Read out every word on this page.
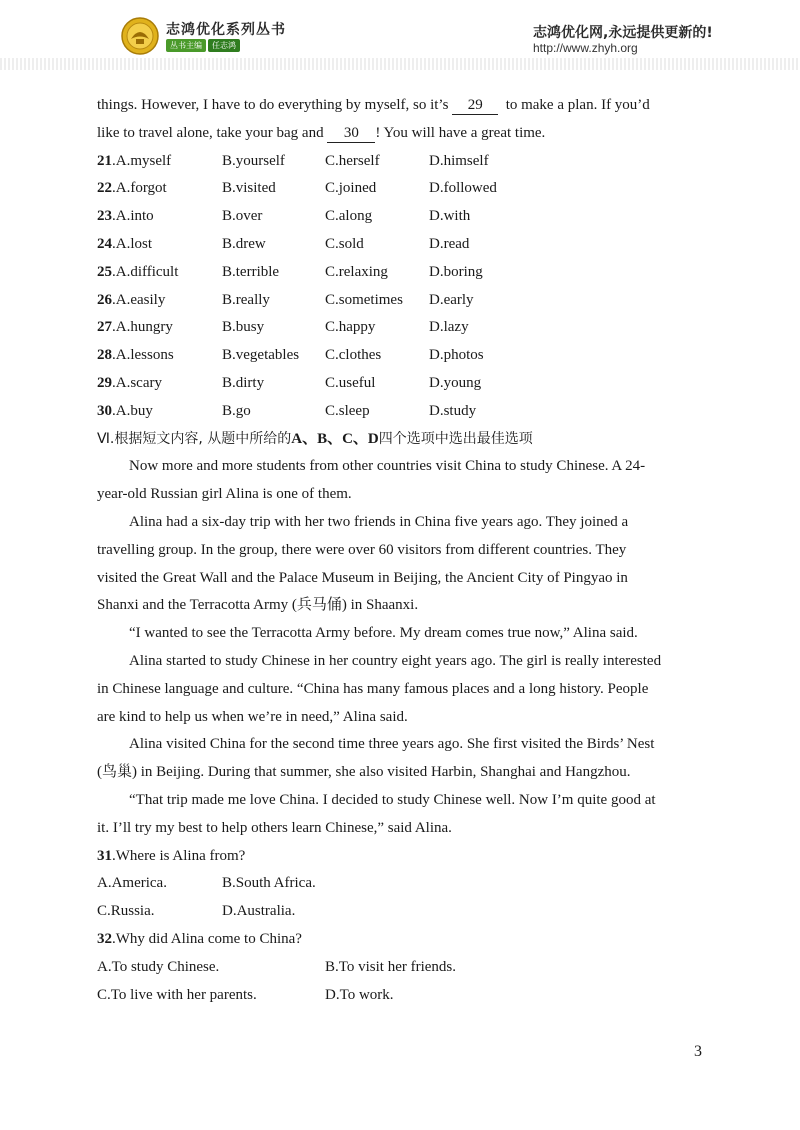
志鸿优化系列丛书
丛书主编	任志鸿
志鸿优化网,永远提供更新的!
http://www.zhyh.org
things. However, I have to do everything by myself, so it’s 29  to make a plan. If you’d
like to travel alone, take your bag and 30 ! You will have a great time.
21.A.myself	B.yourself	C.herself	D.himself
22.A.forgot	B.visited	C.joined	D.followed
23.A.into	B.over	C.along	D.with
24.A.lost	B.drew	C.sold	D.read
25.A.difficult	B.terrible	C.relaxing	D.boring
26.A.easily	B.really	C.sometimes	D.early
27.A.hungry	B.busy	C.happy	D.lazy
28.A.lessons	B.vegetables	C.clothes	D.photos
29.A.scary	B.dirty	C.useful	D.young
30.A.buy	B.go	C.sleep	D.study
Ⅵ.根据短文内容, 从题中所给的A、B、C、D四个选项中选出最佳选项
Now more and more students from other countries visit China to study Chinese. A 24-
year-old Russian girl Alina is one of them.
Alina had a six-day trip with her two friends in China five years ago. They joined a
travelling group. In the group, there were over 60 visitors from different countries. They
visited the Great Wall and the Palace Museum in Beijing, the Ancient City of Pingyao in
Shanxi and the Terracotta Army (兵马俑) in Shaanxi.
“I wanted to see the Terracotta Army before. My dream comes true now,” Alina said.
Alina started to study Chinese in her country eight years ago. The girl is really interested
in Chinese language and culture. “China has many famous places and a long history. People
are kind to help us when we’re in need,” Alina said.
Alina visited China for the second time three years ago. She first visited the Birds’ Nest
(鸟巢) in Beijing. During that summer, she also visited Harbin, Shanghai and Hangzhou.
“That trip made me love China. I decided to study Chinese well. Now I’m quite good at
it. I’ll try my best to help others learn Chinese,” said Alina.
31.Where is Alina from?
A.America.	B.South Africa.
C.Russia.	D.Australia.
32.Why did Alina come to China?
A.To study Chinese.	B.To visit her friends.
C.To live with her parents.	D.To work.
3
